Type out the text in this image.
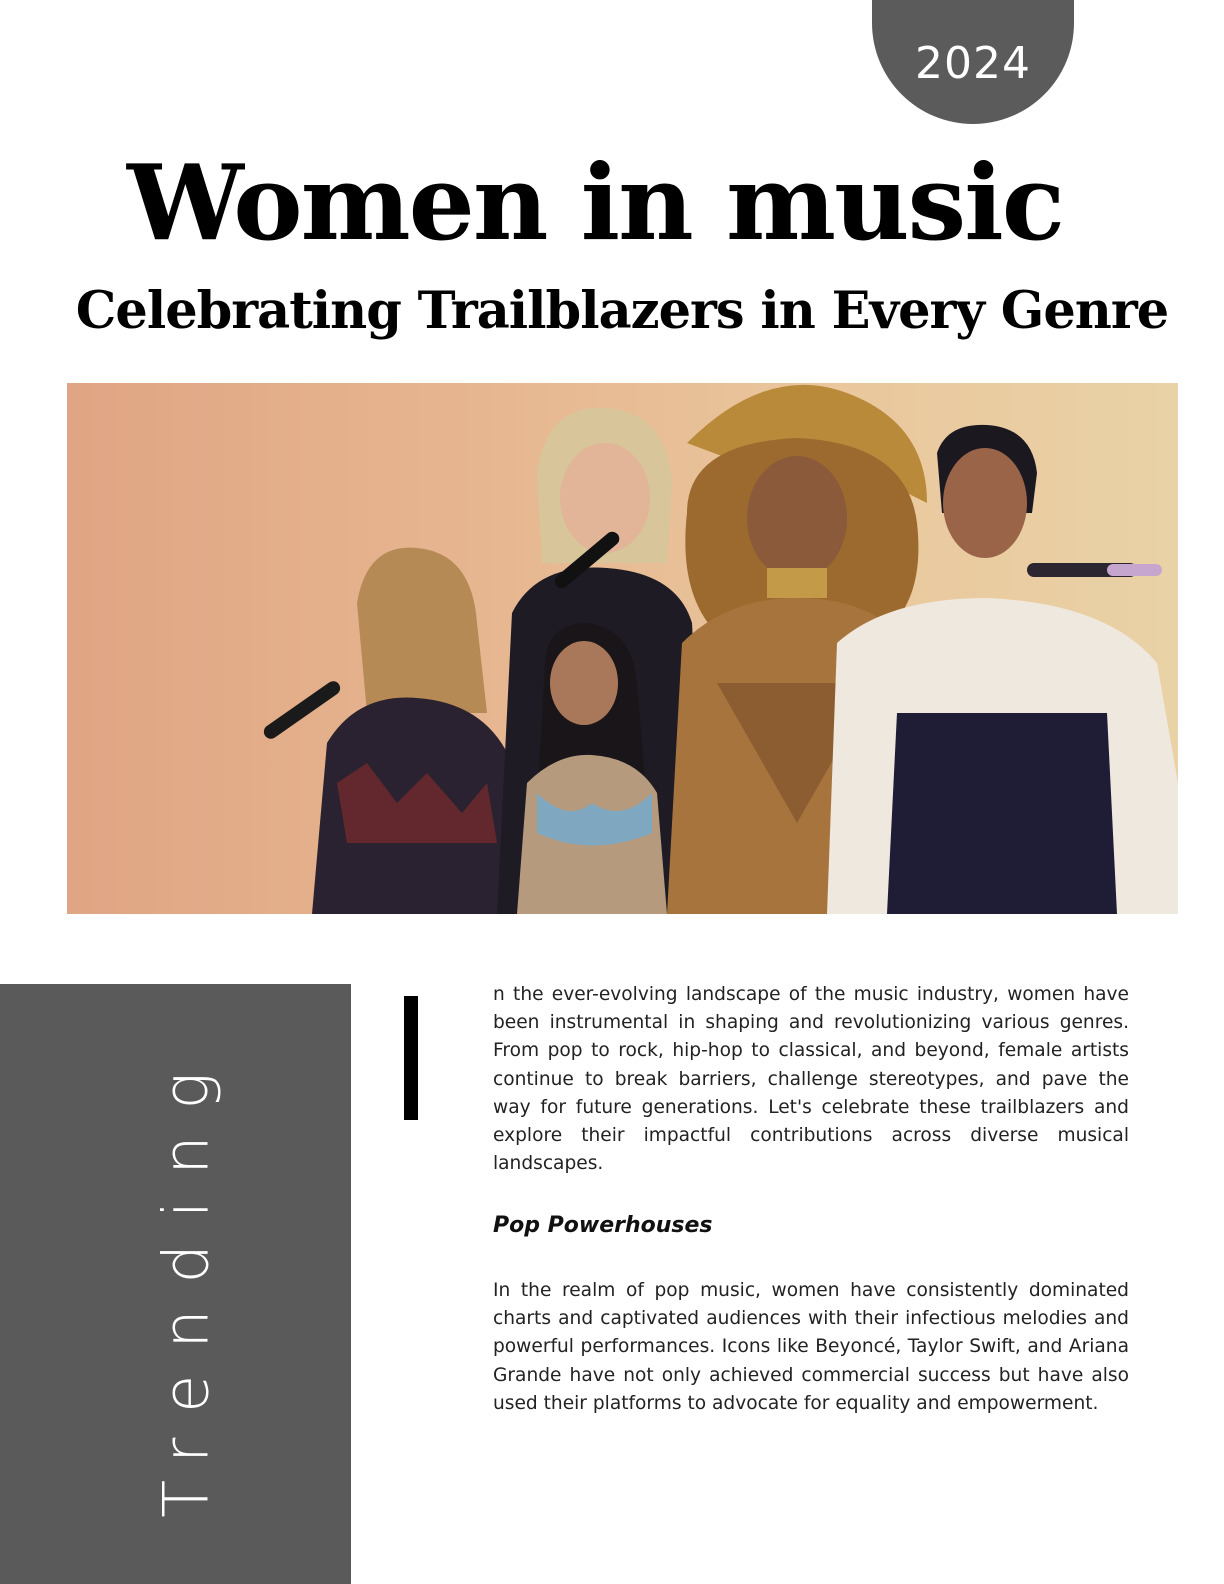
2024
Women in music
Celebrating Trailblazers in Every Genre
Trending

n the ever-evolving landscape of the music industry, women have been instrumental in shaping and revolutionizing various genres. From pop to rock, hip-hop to classical, and beyond, female artists continue to break barriers, challenge stereotypes, and pave the way for future generations. Let's celebrate these trailblazers and explore their impactful contributions across diverse musical landscapes.

Pop Powerhouses

In the realm of pop music, women have consistently dominated charts and captivated audiences with their infectious melodies and powerful performances. Icons like Beyoncé, Taylor Swift, and Ariana Grande have not only achieved commercial success but have also used their platforms to advocate for equality and empowerment.
